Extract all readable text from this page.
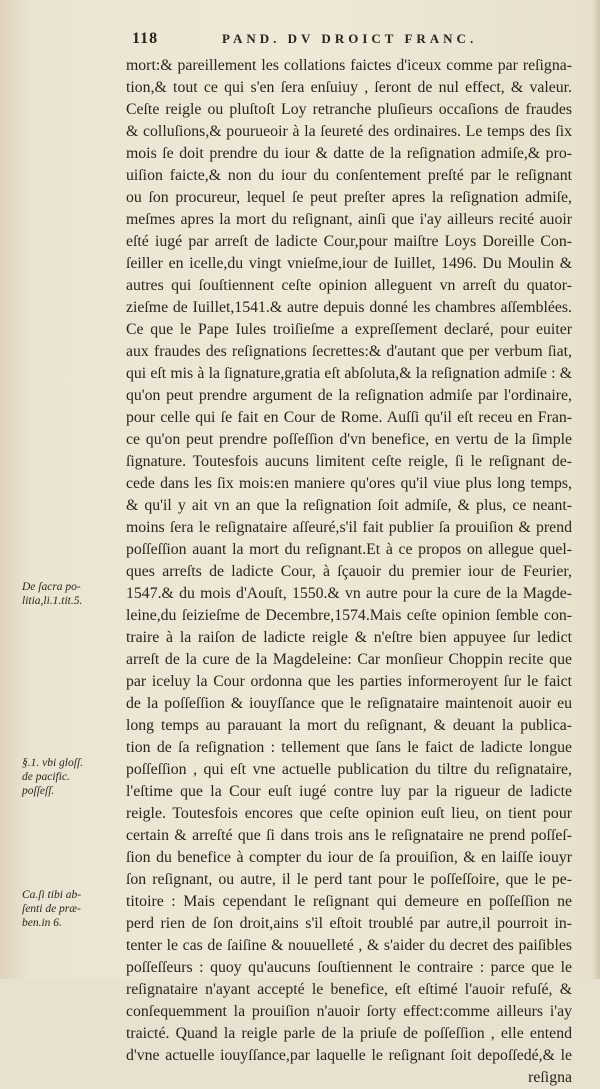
118	PAND. DV DROICT FRANC.
mort:& pareillement les collations faictes d'iceux comme par reſigna-
tion,& tout ce qui s'en ſera enſuiuy , ſeront de nul effect, & valeur.
Ceſte reigle ou pluſtoſt Loy retranche pluſieurs occaſions de fraudes
& colluſions,& pourueoir à la ſeureté des ordinaires. Le temps des ſix
mois ſe doit prendre du iour & datte de la reſignation admiſe,& pro-
uiſion faicte,& non du iour du conſentement preſté par le reſignant
ou ſon procureur, lequel ſe peut preſter apres la reſignation admiſe,
meſmes apres la mort du reſignant, ainſi que i'ay ailleurs recité auoir
eſté iugé par arreſt de ladicte Cour,pour maiſtre Loys Doreille Con-
ſeiller en icelle,du vingt vnieſme,iour de Iuillet, 1496. Du Moulin &
autres qui ſouſtiennent ceſte opinion alleguent vn arreſt du quator-
zieſme de Iuillet,1541.& autre depuis donné les chambres aſſemblées.
Ce que le Pape Iules troiſieſme a expreſſement declaré, pour euiter
aux fraudes des reſignations ſecrettes:& d'autant que per verbum ſiat,
qui eſt mis à la ſignature,gratia eſt abſoluta,& la reſignation admiſe : &
qu'on peut prendre argument de la reſignation admiſe par l'ordinaire,
pour celle qui ſe fait en Cour de Rome. Auſſi qu'il eſt receu en Fran-
ce qu'on peut prendre poſſeſſion d'vn benefice, en vertu de la ſimple
ſignature. Toutesfois aucuns limitent ceſte reigle, ſi le reſignant de-
cede dans les ſix mois:en maniere qu'ores qu'il viue plus long temps,
& qu'il y ait vn an que la reſignation ſoit admiſe, & plus, ce neant-
moins ſera le reſignataire aſſeuré,s'il fait publier ſa prouiſion & prend
poſſeſſion auant la mort du reſignant.Et à ce propos on allegue quel-
ques arreſts de ladicte Cour, à ſçauoir du premier iour de Feurier,
1547.& du mois d'Aouſt, 1550.& vn autre pour la cure de la Magde-
leine,du ſeizieſme de Decembre,1574.Mais ceſte opinion ſemble con-
traire à la raiſon de ladicte reigle & n'eſtre bien appuyee ſur ledict
arreſt de la cure de la Magdeleine: Car monſieur Choppin recite que
par iceluy la Cour ordonna que les parties informeroyent ſur le faict
de la poſſeſſion & iouyſſance que le reſignataire maintenoit auoir eu
long temps au parauant la mort du reſignant, & deuant la publica-
tion de ſa reſignation : tellement que ſans le faict de ladicte longue
poſſeſſion , qui eſt vne actuelle publication du tiltre du reſignataire,
l'eſtime que la Cour euſt iugé contre luy par la rigueur de ladicte
reigle. Toutesfois encores que ceſte opinion euſt lieu, on tient pour
certain & arreſté que ſi dans trois ans le reſignataire ne prend poſſeſ-
ſion du benefice à compter du iour de ſa prouiſion, & en laiſſe iouyr
ſon reſignant, ou autre, il le perd tant pour le poſſeſſoire, que le pe-
titoire : Mais cependant le reſignant qui demeure en poſſeſſion ne
perd rien de ſon droit,ains s'il eſtoit troublé par autre,il pourroit in-
tenter le cas de ſaiſine & nouuelleté , & s'aider du decret des paiſibles
poſſeſſeurs : quoy qu'aucuns ſouſtiennent le contraire : parce que le
reſignataire n'ayant accepté le benefice, eſt eſtimé l'auoir refuſé, &
conſequemment la prouiſion n'auoir ſorty effect:comme ailleurs i'ay
traicté. Quand la reigle parle de la priuſe de poſſeſſion , elle entend
d'vne actuelle iouyſſance,par laquelle le reſignant ſoit depoſſedé,& le
reſigna
De ſacra po-
litia,li.1.tit.5.
§.1. vbi gloſſ.
de pacific.
poſſeſſ.
Ca.ſi tibi ab-
ſenti de præ-
ben.in 6.
